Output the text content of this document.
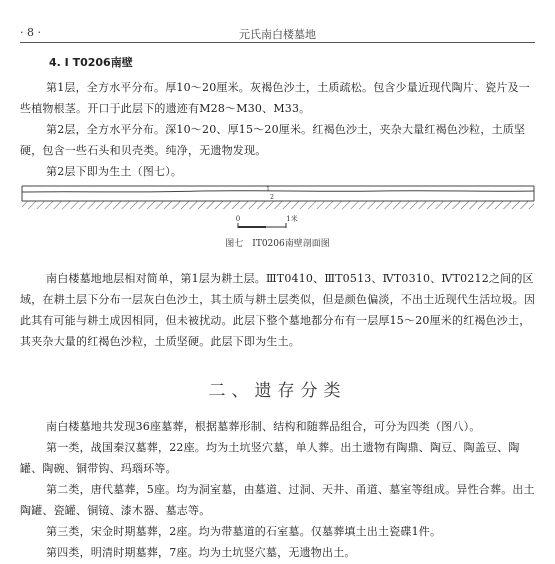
· 8 ·	元氏南白楼墓地
4. Ⅰ T0206南壁
第1层，全方水平分布。厚10～20厘米。灰褐色沙土，土质疏松。包含少量近现代陶片、瓷片及一些植物根茎。开口于此层下的遗迹有M28～M30、M33。
第2层，全方水平分布。深10～20、厚15～20厘米。红褐色沙土，夹杂大量红褐色沙粒，土质坚硬，包含一些石头和贝壳类。纯净，无遗物发现。
第2层下即为生土（图七）。
1
2
0	1米
图七　ⅠT0206南壁剖面图
南白楼墓地地层相对简单，第1层为耕土层。ⅢT0410、ⅢT0513、ⅣT0310、ⅣT0212之间的区域，在耕土层下分布一层灰白色沙土，其土质与耕土层类似，但是颜色偏淡，不出土近现代生活垃圾。因此其有可能与耕土成因相同，但未被扰动。此层下整个墓地都分布有一层厚15～20厘米的红褐色沙土，其夹杂大量的红褐色沙粒，土质坚硬。此层下即为生土。
二、遗存分类
南白楼墓地共发现36座墓葬，根据墓葬形制、结构和随葬品组合，可分为四类（图八）。
第一类，战国秦汉墓葬，22座。均为土坑竖穴墓，单人葬。出土遗物有陶鼎、陶豆、陶盖豆、陶罐、陶碗、铜带钩、玛瑙环等。
第二类，唐代墓葬，5座。均为洞室墓，由墓道、过洞、天井、甬道、墓室等组成。异性合葬。出土陶罐、瓷罐、铜镜、漆木器、墓志等。
第三类，宋金时期墓葬，2座。均为带墓道的石室墓。仅墓葬填土出土瓷碟1件。
第四类，明清时期墓葬，7座。均为土坑竖穴墓，无遗物出土。
